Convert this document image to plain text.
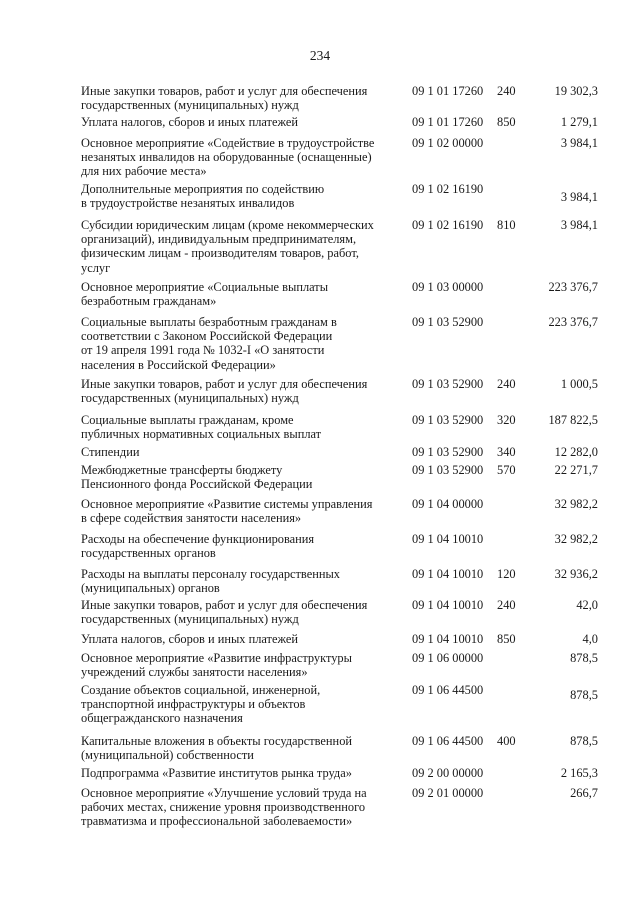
234
Иные закупки товаров, работ и услуг для обеспечения
государственных (муниципальных) нужд
09 1 01 17260 240	19 302,3
Уплата налогов, сборов и иных платежей	09 1 01 17260 850	1 279,1
Основное мероприятие «Содействие в трудоустройстве
незанятых инвалидов на оборудованные (оснащенные)
для них рабочие места»
09 1 02 00000	3 984,1
Дополнительные мероприятия по содействию
в трудоустройстве незанятых инвалидов
09 1 02 16190
3 984,1
Субсидии юридическим лицам (кроме некоммерческих
организаций), индивидуальным предпринимателям,
физическим лицам - производителям товаров, работ,
услуг
09 1 02 16190 810	3 984,1
Основное мероприятие «Социальные выплаты
безработным гражданам»
09 1 03 00000	223 376,7
Социальные выплаты безработным гражданам в
соответствии с Законом Российской Федерации
от 19 апреля 1991 года № 1032-I «О занятости
населения в Российской Федерации»
09 1 03 52900	223 376,7
Иные закупки товаров, работ и услуг для обеспечения
государственных (муниципальных) нужд
09 1 03 52900 240	1 000,5
Социальные выплаты гражданам, кроме
публичных нормативных социальных выплат
09 1 03 52900 320	187 822,5
Стипендии	09 1 03 52900 340	12 282,0
Межбюджетные трансферты бюджету
Пенсионного фонда Российской Федерации
09 1 03 52900 570	22 271,7
Основное мероприятие «Развитие системы управления
в сфере содействия занятости населения»
09 1 04 00000	32 982,2
Расходы на обеспечение функционирования
государственных органов
09 1 04 10010	32 982,2
Расходы на выплаты персоналу государственных
(муниципальных) органов
09 1 04 10010 120	32 936,2
Иные закупки товаров, работ и услуг для обеспечения
государственных (муниципальных) нужд
09 1 04 10010 240	42,0
Уплата налогов, сборов и иных платежей	09 1 04 10010 850	4,0
Основное мероприятие «Развитие инфраструктуры
учреждений службы занятости населения»
09 1 06 00000	878,5
Создание объектов социальной, инженерной,
транспортной инфраструктуры и объектов
общегражданского назначения
09 1 06 44500	878,5
Капитальные вложения в объекты государственной
(муниципальной) собственности
09 1 06 44500 400	878,5
Подпрограмма «Развитие институтов рынка труда»	09 2 00 00000	2 165,3
Основное мероприятие «Улучшение условий труда на
рабочих местах, снижение уровня производственного
травматизма и профессиональной заболеваемости»
09 2 01 00000	266,7
